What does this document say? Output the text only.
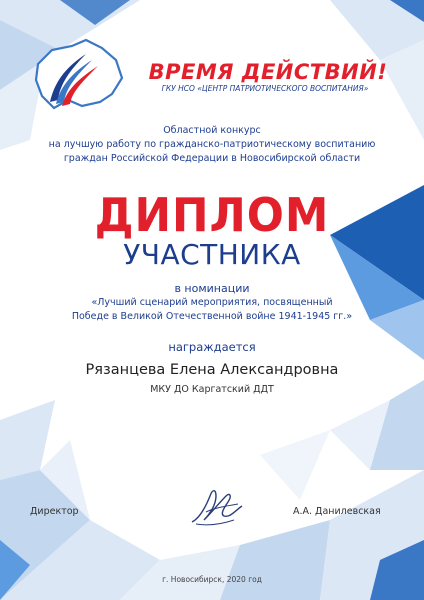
ВРЕМЯ ДЕЙСТВИЙ!
ГКУ НСО «ЦЕНТР ПАТРИОТИЧЕСКОГО ВОСПИТАНИЯ»
Областной конкурс
на лучшую работу по гражданско-патриотическому воспитанию
граждан Российской Федерации в Новосибирской области
ДИПЛОМ
УЧАСТНИКА
в номинации
«Лучший сценарий мероприятия, посвященный
Победе в Великой Отечественной войне 1941-1945 гг.»
награждается
Рязанцева Елена Александровна
МКУ ДО Каргатский ДДТ
Директор	А.А. Данилевская
г. Новосибирск, 2020 год
